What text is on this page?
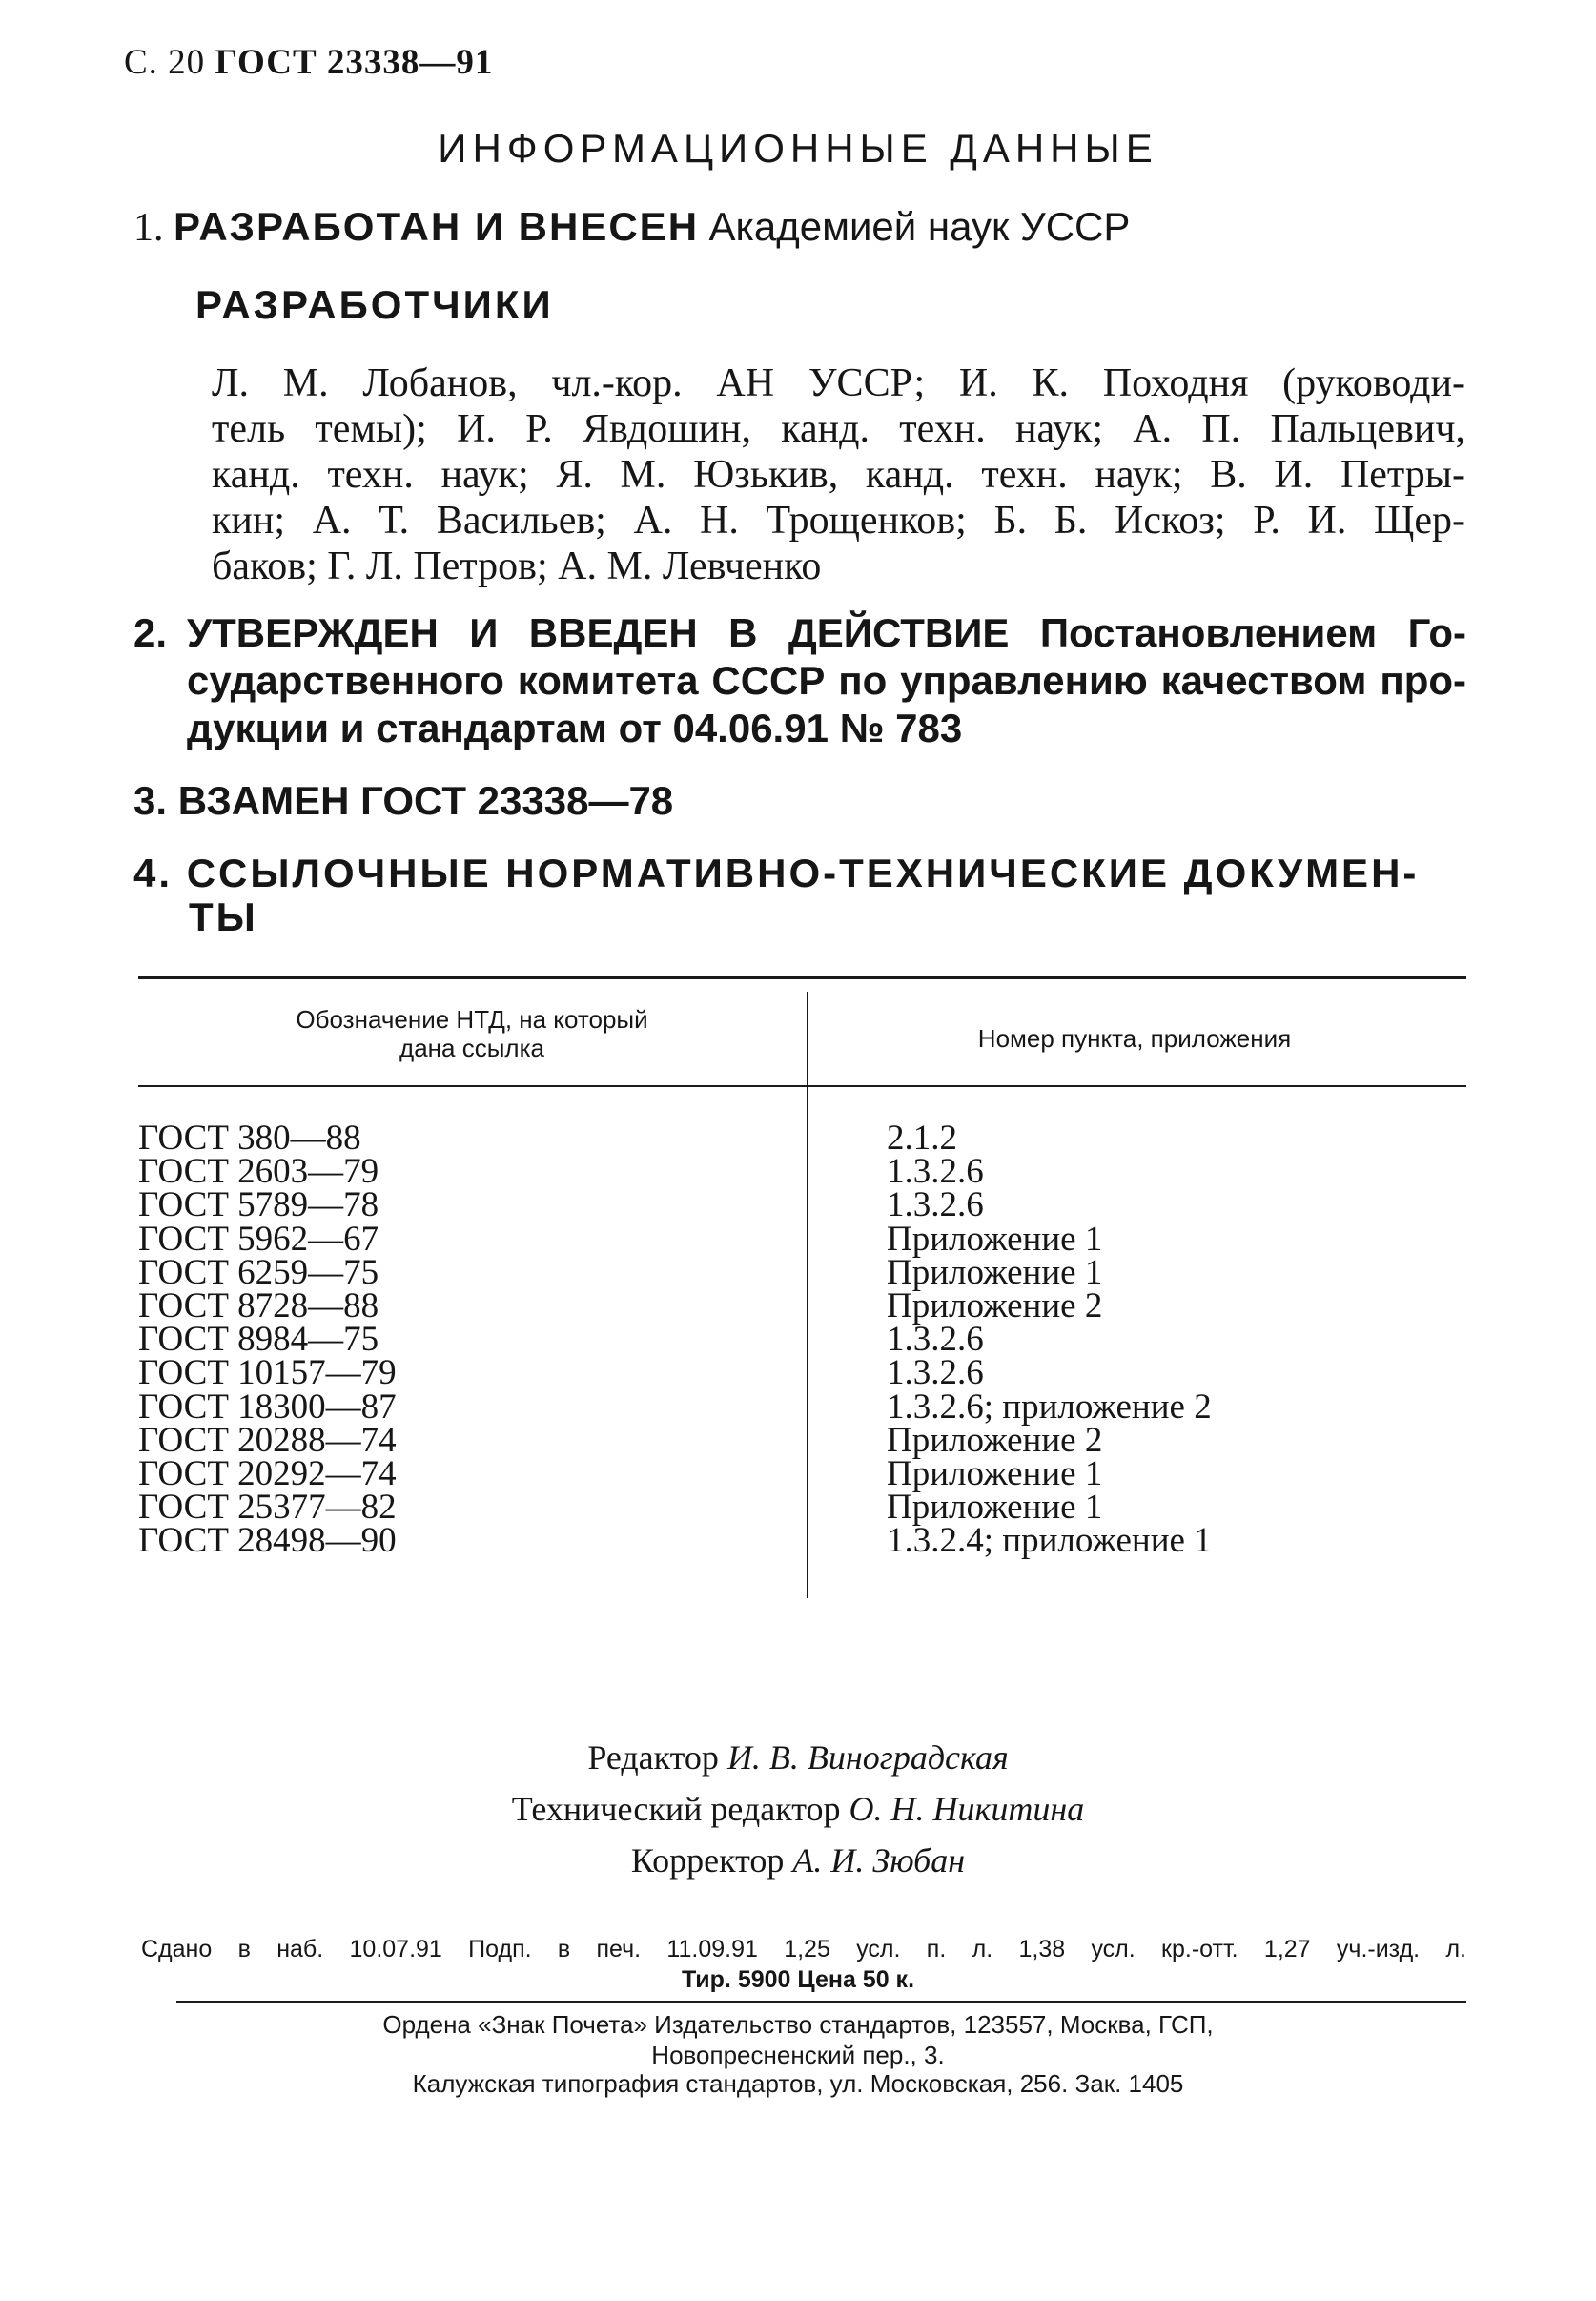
С. 20 ГОСТ 23338—91
ИНФОРМАЦИОННЫЕ ДАННЫЕ
1. РАЗРАБОТАН И ВНЕСЕН Академией наук УССР
РАЗРАБОТЧИКИ
Л. М. Лобанов, чл.-кор. АН УССР; И. К. Походня (руководи-
тель темы); И. Р. Явдошин, канд. техн. наук; А. П. Пальцевич,
канд. техн. наук; Я. М. Юзькив, канд. техн. наук; В. И. Петры-
кин; А. Т. Васильев; А. Н. Трощенков; Б. Б. Искоз; Р. И. Щер-
баков; Г. Л. Петров; А. М. Левченко
2. УТВЕРЖДЕН И ВВЕДЕН В ДЕЙСТВИЕ Постановлением Го-
сударственного комитета СССР по управлению качеством про-
дукции и стандартам от 04.06.91 № 783
3. ВЗАМЕН ГОСТ 23338—78
4. ССЫЛОЧНЫЕ НОРМАТИВНО-ТЕХНИЧЕСКИЕ ДОКУМЕН-
ТЫ
Обозначение НТД, на который
дана ссылка	Номер пункта, приложения
ГОСТ 380—88
ГОСТ 2603—79
ГОСТ 5789—78
ГОСТ 5962—67
ГОСТ 6259—75
ГОСТ 8728—88
ГОСТ 8984—75
ГОСТ 10157—79
ГОСТ 18300—87
ГОСТ 20288—74
ГОСТ 20292—74
ГОСТ 25377—82
ГОСТ 28498—90
2.1.2
1.3.2.6
1.3.2.6
Приложение 1
Приложение 1
Приложение 2
1.3.2.6
1.3.2.6
1.3.2.6; приложение 2
Приложение 2
Приложение 1
Приложение 1
1.3.2.4; приложение 1
Редактор И. В. Виноградская
Технический редактор О. Н. Никитина
Корректор А. И. Зюбан
Сдано в наб. 10.07.91 Подп. в печ. 11.09.91 1,25 усл. п. л. 1,38 усл. кр.-отт. 1,27 уч.-изд. л.
Тир. 5900 Цена 50 к.
Ордена «Знак Почета» Издательство стандартов, 123557, Москва, ГСП,
Новопресненский пер., 3.
Калужская типография стандартов, ул. Московская, 256. Зак. 1405
